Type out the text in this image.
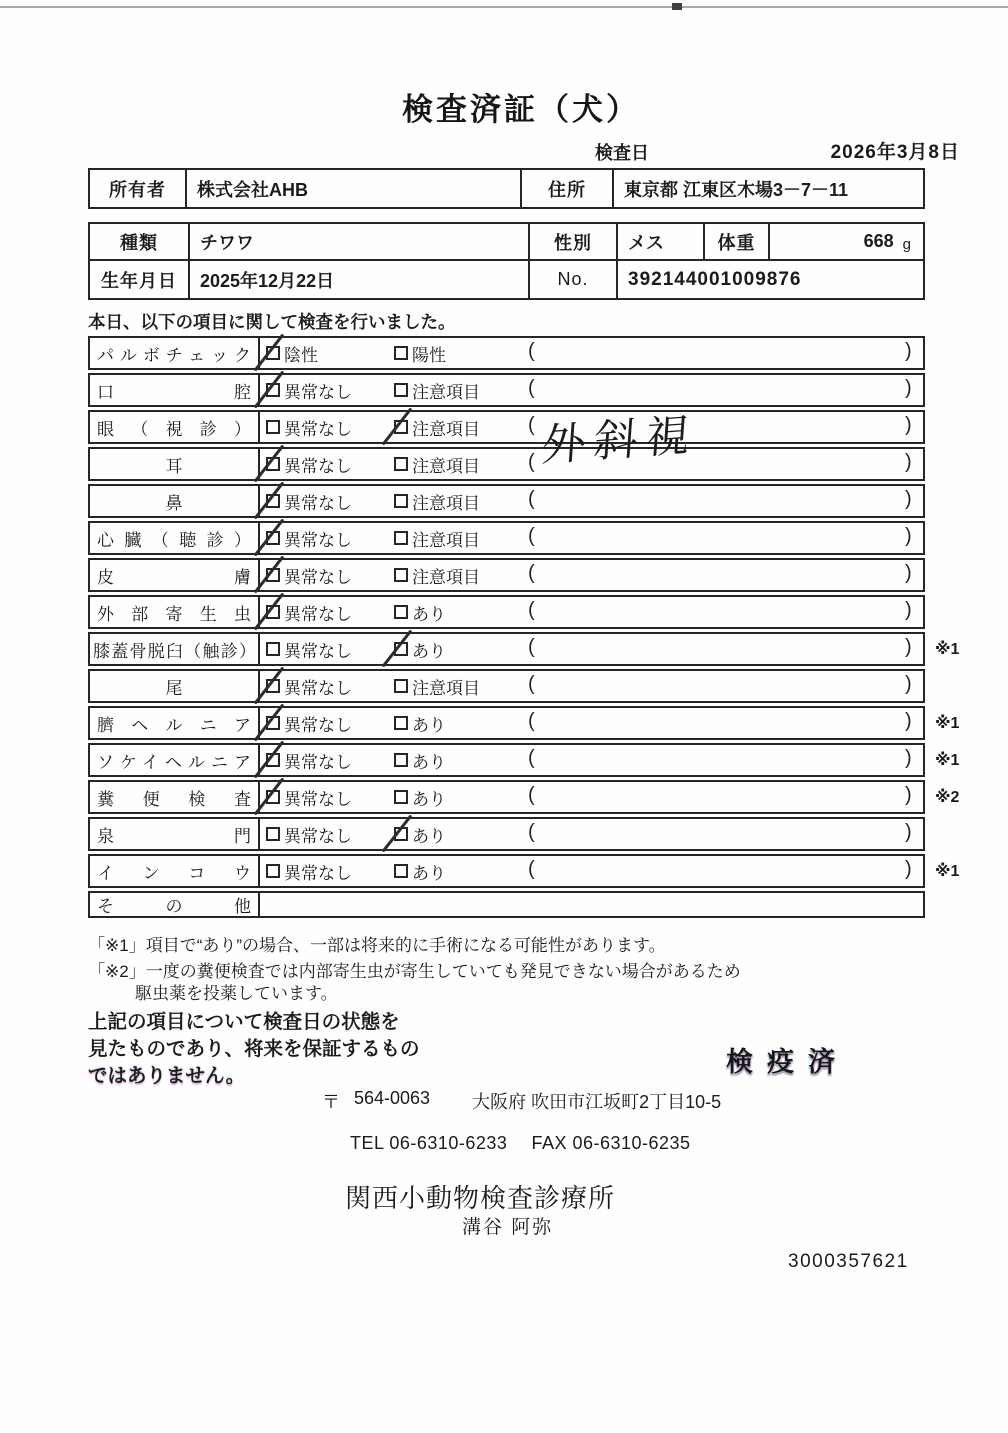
検査済証（犬）
検査日	2026年3月8日
所有者	株式会社AHB	住所	東京都 江東区木場3－7－11
種類	チワワ	性別	メス	体重	668 g
生年月日	2025年12月22日	No.	392144001009876
本日、以下の項目に関して検査を行いました。
パルボチェック 陰性	陽性	(	)
口腔 異常なし	注意項目 (	)
眼（視診） 異常なし	注意項目 (	)
外斜視
耳	異常なし	注意項目 (	)
鼻	異常なし	注意項目 (	)
心臓（聴診） 異常なし	注意項目 (	)
皮膚 異常なし	注意項目 (	)
外部寄生虫 異常なし	あり	(	)
膝蓋骨脱臼（触診） 異常なし	あり	(	) ※1
尾	異常なし	注意項目 (	)
臍ヘルニア 異常なし	あり	(	) ※1
ソケイヘルニア 異常なし	あり	(	) ※1
糞便検査 異常なし	あり	(	) ※2
泉門 異常なし	あり	(	)
インコウ 異常なし	あり	(	) ※1
その他
「※1」項目で“あり”の場合、一部は将来的に手術になる可能性があります。
「※2」一度の糞便検査では内部寄生虫が寄生していても発見できない場合があるため
駆虫薬を投薬しています。
上記の項目について検査日の状態を
見たものであり、将来を保証するもの
ではありません。	検疫済
〒 564-0063 大阪府 吹田市江坂町2丁目10-5
TEL 06-6310-6233 FAX 06-6310-6235
関西小動物検査診療所
溝谷 阿弥
3000357621
